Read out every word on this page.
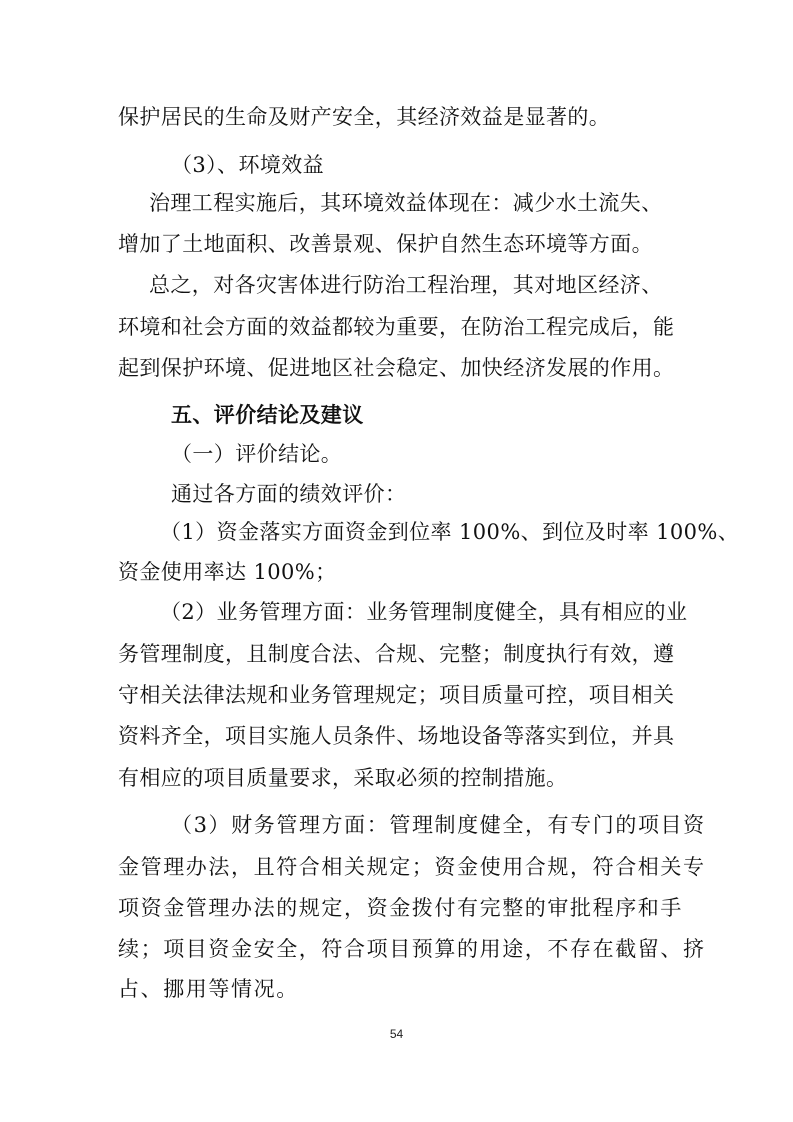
保护居民的生命及财产安全，其经济效益是显著的。
（3）、环境效益
治理工程实施后，其环境效益体现在：减少水土流失、
增加了土地面积、改善景观、保护自然生态环境等方面。
总之，对各灾害体进行防治工程治理，其对地区经济、
环境和社会方面的效益都较为重要，在防治工程完成后，能
起到保护环境、促进地区社会稳定、加快经济发展的作用。
五、评价结论及建议
（一）评价结论。
通过各方面的绩效评价：
（1）资金落实方面资金到位率 100%、到位及时率 100%、
资金使用率达 100%；
（2）业务管理方面：业务管理制度健全，具有相应的业
务管理制度，且制度合法、合规、完整；制度执行有效，遵
守相关法律法规和业务管理规定；项目质量可控，项目相关
资料齐全，项目实施人员条件、场地设备等落实到位，并具
有相应的项目质量要求，采取必须的控制措施。
（3）财务管理方面：管理制度健全，有专门的项目资
金管理办法，且符合相关规定；资金使用合规，符合相关专
项资金管理办法的规定，资金拨付有完整的审批程序和手
续；项目资金安全，符合项目预算的用途，不存在截留、挤
占、挪用等情况。
54
